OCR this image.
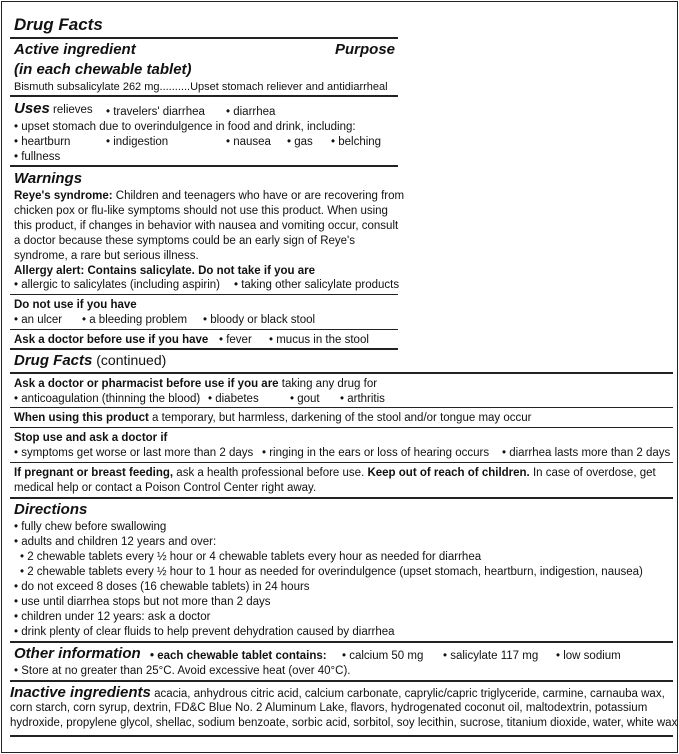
Drug Facts
Active ingredient	Purpose
(in each chewable tablet)
Bismuth subsalicylate 262 mg..........Upset stomach reliever and antidiarrheal
Uses relieves • travelers' diarrhea • diarrhea
• upset stomach due to overindulgence in food and drink, including:
• heartburn	• indigestion	• nausea • gas • belching
• fullness
Warnings
Reye's syndrome: Children and teenagers who have or are recovering from
chicken pox or flu-like symptoms should not use this product. When using
this product, if changes in behavior with nausea and vomiting occur, consult
a doctor because these symptoms could be an early sign of Reye's
syndrome, a rare but serious illness.
Allergy alert: Contains salicylate. Do not take if you are
• allergic to salicylates (including aspirin) • taking other salicylate products
Do not use if you have
• an ulcer • a bleeding problem • bloody or black stool
Ask a doctor before use if you have • fever • mucus in the stool
Drug Facts (continued)
Ask a doctor or pharmacist before use if you are taking any drug for
• anticoagulation (thinning the blood) • diabetes	• gout • arthritis
When using this product a temporary, but harmless, darkening of the stool and/or tongue may occur
Stop use and ask a doctor if
• symptoms get worse or last more than 2 days • ringing in the ears or loss of hearing occurs • diarrhea lasts more than 2 days
If pregnant or breast feeding, ask a health professional before use. Keep out of reach of children. In case of overdose, get
medical help or contact a Poison Control Center right away.
Directions
• fully chew before swallowing
• adults and children 12 years and over:
• 2 chewable tablets every ½ hour or 4 chewable tablets every hour as needed for diarrhea
• 2 chewable tablets every ½ hour to 1 hour as needed for overindulgence (upset stomach, heartburn, indigestion, nausea)
• do not exceed 8 doses (16 chewable tablets) in 24 hours
• use until diarrhea stops but not more than 2 days
• children under 12 years: ask a doctor
• drink plenty of clear fluids to help prevent dehydration caused by diarrhea
Other information • each chewable tablet contains: • calcium 50 mg • salicylate 117 mg • low sodium
• Store at no greater than 25°C. Avoid excessive heat (over 40°C).
Inactive ingredients acacia, anhydrous citric acid, calcium carbonate, caprylic/capric triglyceride, carmine, carnauba wax,
corn starch, corn syrup, dextrin, FD&C Blue No. 2 Aluminum Lake, flavors, hydrogenated coconut oil, maltodextrin, potassium
hydroxide, propylene glycol, shellac, sodium benzoate, sorbic acid, sorbitol, soy lecithin, sucrose, titanium dioxide, water, white wax
